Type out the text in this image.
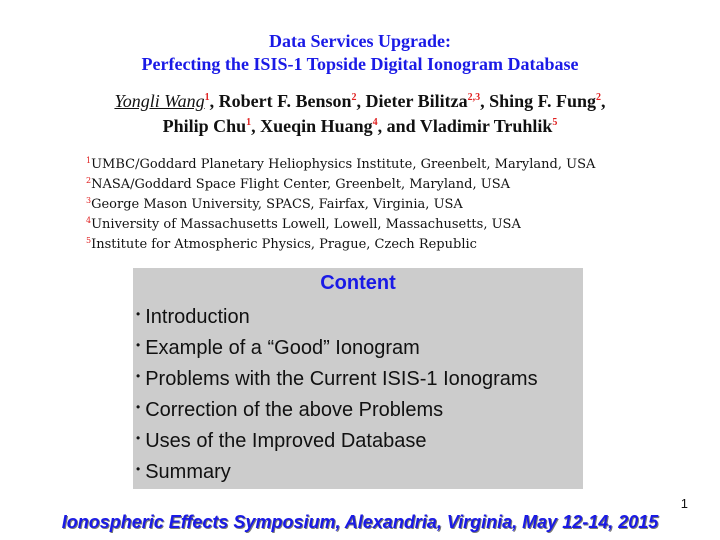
Data Services Upgrade:
Perfecting the ISIS-1 Topside Digital Ionogram Database
Yongli Wang$^1$, Robert F. Benson$^2$, Dieter Bilitza$^{2,3}$, Shing F. Fung$^2$,
Philip Chu$^1$, Xueqin Huang$^4$, and Vladimir Truhlik$^5$
$^1$UMBC/Goddard Planetary Heliophysics Institute, Greenbelt, Maryland, USA
$^2$NASA/Goddard Space Flight Center, Greenbelt, Maryland, USA
$^3$George Mason University, SPACS, Fairfax, Virginia, USA
$^4$University of Massachusetts Lowell, Lowell, Massachusetts, USA
$^5$Institute for Atmospheric Physics, Prague, Czech Republic
Content
• Introduction
• Example of a “Good” Ionogram
• Problems with the Current ISIS-1 Ionograms
• Correction of the above Problems
• Uses of the Improved Database
• Summary
1
Ionospheric Effects Symposium, Alexandria, Virginia, May 12-14, 2015
